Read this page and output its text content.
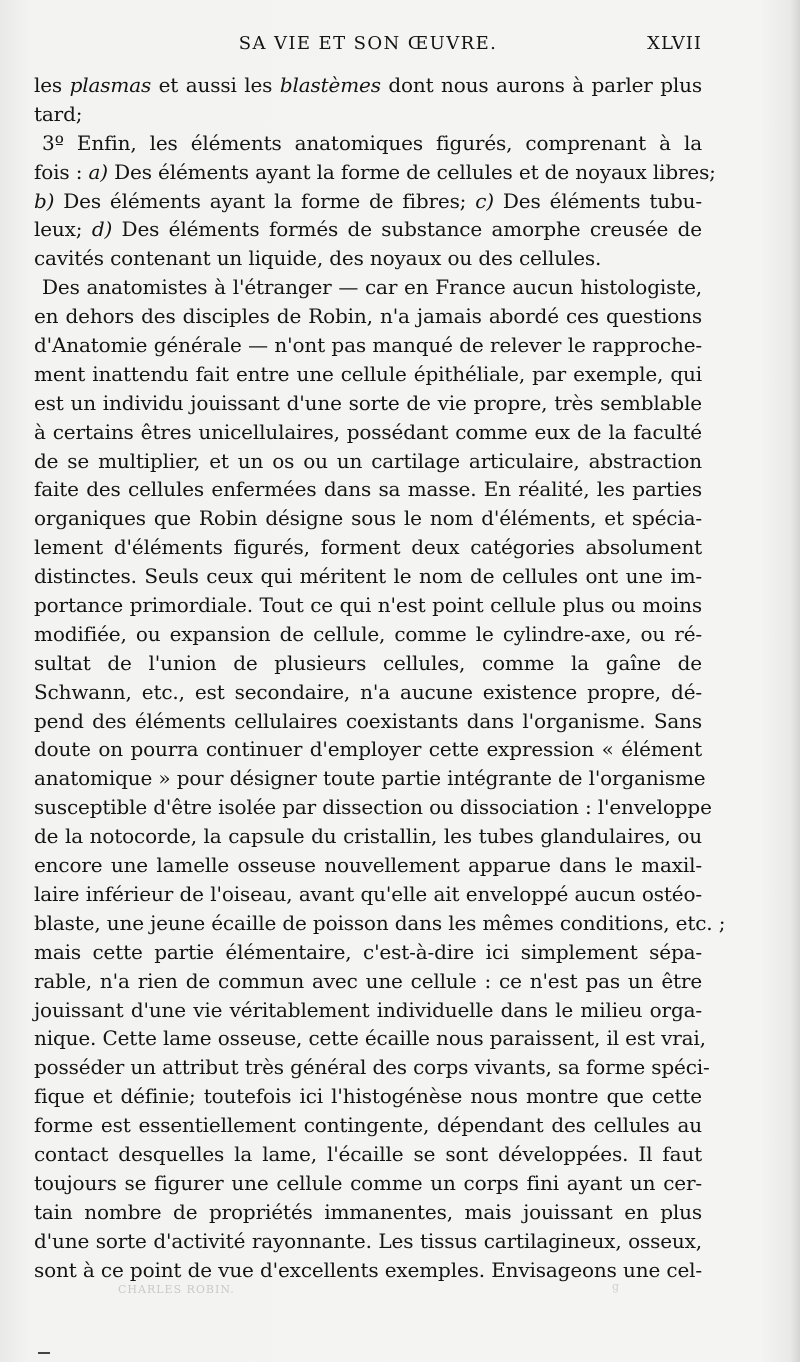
SA VIE ET SON ŒUVRE.	XLVII
les plasmas et aussi les blastèmes dont nous aurons à parler plus
tard;
3º Enfin, les éléments anatomiques figurés, comprenant à la
fois : a) Des éléments ayant la forme de cellules et de noyaux libres;
b) Des éléments ayant la forme de fibres; c) Des éléments tubu-
leux; d) Des éléments formés de substance amorphe creusée de
cavités contenant un liquide, des noyaux ou des cellules.
Des anatomistes à l'étranger — car en France aucun histologiste,
en dehors des disciples de Robin, n'a jamais abordé ces questions
d'Anatomie générale — n'ont pas manqué de relever le rapproche-
ment inattendu fait entre une cellule épithéliale, par exemple, qui
est un individu jouissant d'une sorte de vie propre, très semblable
à certains êtres unicellulaires, possédant comme eux de la faculté
de se multiplier, et un os ou un cartilage articulaire, abstraction
faite des cellules enfermées dans sa masse. En réalité, les parties
organiques que Robin désigne sous le nom d'éléments, et spécia-
lement d'éléments figurés, forment deux catégories absolument
distinctes. Seuls ceux qui méritent le nom de cellules ont une im-
portance primordiale. Tout ce qui n'est point cellule plus ou moins
modifiée, ou expansion de cellule, comme le cylindre-axe, ou ré-
sultat de l'union de plusieurs cellules, comme la gaîne de
Schwann, etc., est secondaire, n'a aucune existence propre, dé-
pend des éléments cellulaires coexistants dans l'organisme. Sans
doute on pourra continuer d'employer cette expression « élément
anatomique » pour désigner toute partie intégrante de l'organisme
susceptible d'être isolée par dissection ou dissociation : l'enveloppe
de la notocorde, la capsule du cristallin, les tubes glandulaires, ou
encore une lamelle osseuse nouvellement apparue dans le maxil-
laire inférieur de l'oiseau, avant qu'elle ait enveloppé aucun ostéo-
blaste, une jeune écaille de poisson dans les mêmes conditions, etc. ;
mais cette partie élémentaire, c'est-à-dire ici simplement sépa-
rable, n'a rien de commun avec une cellule : ce n'est pas un être
jouissant d'une vie véritablement individuelle dans le milieu orga-
nique. Cette lame osseuse, cette écaille nous paraissent, il est vrai,
posséder un attribut très général des corps vivants, sa forme spéci-
fique et définie; toutefois ici l'histogénèse nous montre que cette
forme est essentiellement contingente, dépendant des cellules au
contact desquelles la lame, l'écaille se sont développées. Il faut
toujours se figurer une cellule comme un corps fini ayant un cer-
tain nombre de propriétés immanentes, mais jouissant en plus
d'une sorte d'activité rayonnante. Les tissus cartilagineux, osseux,
sont à ce point de vue d'excellents exemples. Envisageons une cel-
CHARLES ROBIN.	g
